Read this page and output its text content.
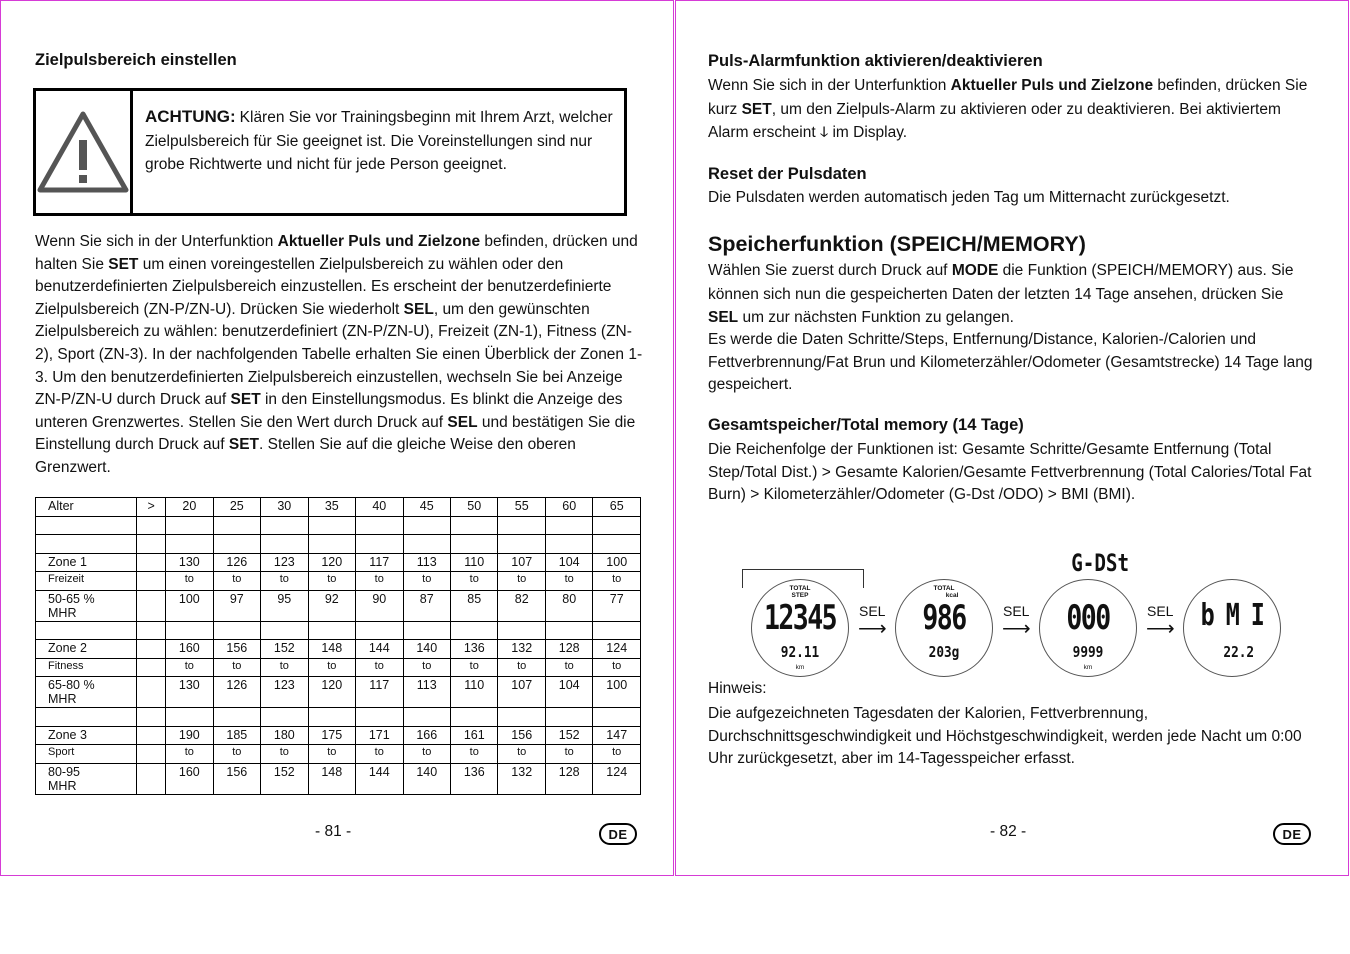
Zielpulsbereich einstellen
ACHTUNG: Klären Sie vor Trainingsbeginn mit Ihrem Arzt, welcher Zielpulsbereich für Sie geeignet ist. Die Voreinstellungen sind nur grobe Richtwerte und nicht für jede Person geeignet.

Wenn Sie sich in der Unterfunktion Aktueller Puls und Zielzone befinden, drücken und halten Sie SET um einen voreingestellen Zielpulsbereich zu wählen oder den benutzerdefinierten Zielpulsbereich einzustellen. Es erscheint der benutzerdefinierte Zielpulsbereich (ZN-P/ZN-U). Drücken Sie wiederholt SEL, um den gewünschten Zielpulsbereich zu wählen: benutzerdefiniert (ZN-P/ZN-U), Freizeit (ZN-1), Fitness (ZN-2), Sport (ZN-3). In der nachfolgenden Tabelle erhalten Sie einen Überblick der Zonen 1-3. Um den benutzerdefinierten Zielpulsbereich einzustellen, wechseln Sie bei Anzeige ZN-P/ZN-U durch Druck auf SET in den Einstellungsmodus. Es blinkt die Anzeige des unteren Grenzwertes. Stellen Sie den Wert durch Druck auf SEL und bestätigen Sie die Einstellung durch Druck auf SET. Stellen Sie auf die gleiche Weise den oberen Grenzwert.

Alter	>	20	25	30	35	40	45	50	55	60	65

Zone 1		130	126	123	120	117	113	110	107	104	100
Freizeit		to	to	to	to	to	to	to	to	to	to
50-65 %
MHR		100	97	95	92	90	87	85	82	80	77

Zone 2		160	156	152	148	144	140	136	132	128	124
Fitness		to	to	to	to	to	to	to	to	to	to
65-80 %
MHR		130	126	123	120	117	113	110	107	104	100

Zone 3		190	185	180	175	171	166	161	156	152	147
Sport		to	to	to	to	to	to	to	to	to	to
80-95
MHR		160	156	152	148	144	140	136	132	128	124
- 81 -	DE
Puls-Alarmfunktion aktivieren/deaktivieren

Wenn Sie sich in der Unterfunktion Aktueller Puls und Zielzone befinden, drücken Sie kurz SET, um den Zielpuls-Alarm zu aktivieren oder zu deaktivieren. Bei aktiviertem Alarm erscheint ↆ im Display.

Reset der Pulsdaten

Die Pulsdaten werden automatisch jeden Tag um Mitternacht zurückgesetzt.

Speicherfunktion (SPEICH/MEMORY)

Wählen Sie zuerst durch Druck auf MODE die Funktion (SPEICH/MEMORY) aus. Sie können sich nun die gespeicherten Daten der letzten 14 Tage ansehen, drücken Sie SEL um zur nächsten Funktion zu gelangen.

Es werde die Daten Schritte/Steps, Entfernung/Distance, Kalorien-/Calorien und Fettverbrennung/Fat Brun und Kilometerzähler/Odometer (Gesamtstrecke) 14 Tage lang gespeichert.

Gesamtspeicher/Total memory (14 Tage)

Die Reichenfolge der Funktionen ist: Gesamte Schritte/Gesamte Entfernung (Total Step/Total Dist.) > Gesamte Kalorien/Gesamte Fettverbrennung (Total Calories/Total Fat Burn) > Kilometerzähler/Odometer (G-Dst /ODO) > BMI (BMI).

G-DSt
TOTAL
STEP
12345
92.11
km
SEL
⟶
TOTAL
kcal
986
203g
SEL
⟶	000
9999
km
SEL
⟶ b M I
22.2
Hinweis:

Die aufgezeichneten Tagesdaten der Kalorien, Fettverbrennung, Durchschnittsgeschwindigkeit und Höchstgeschwindigkeit, werden jede Nacht um 0:00 Uhr zurückgesetzt, aber im 14-Tagesspeicher erfasst.

- 82 -	DE
